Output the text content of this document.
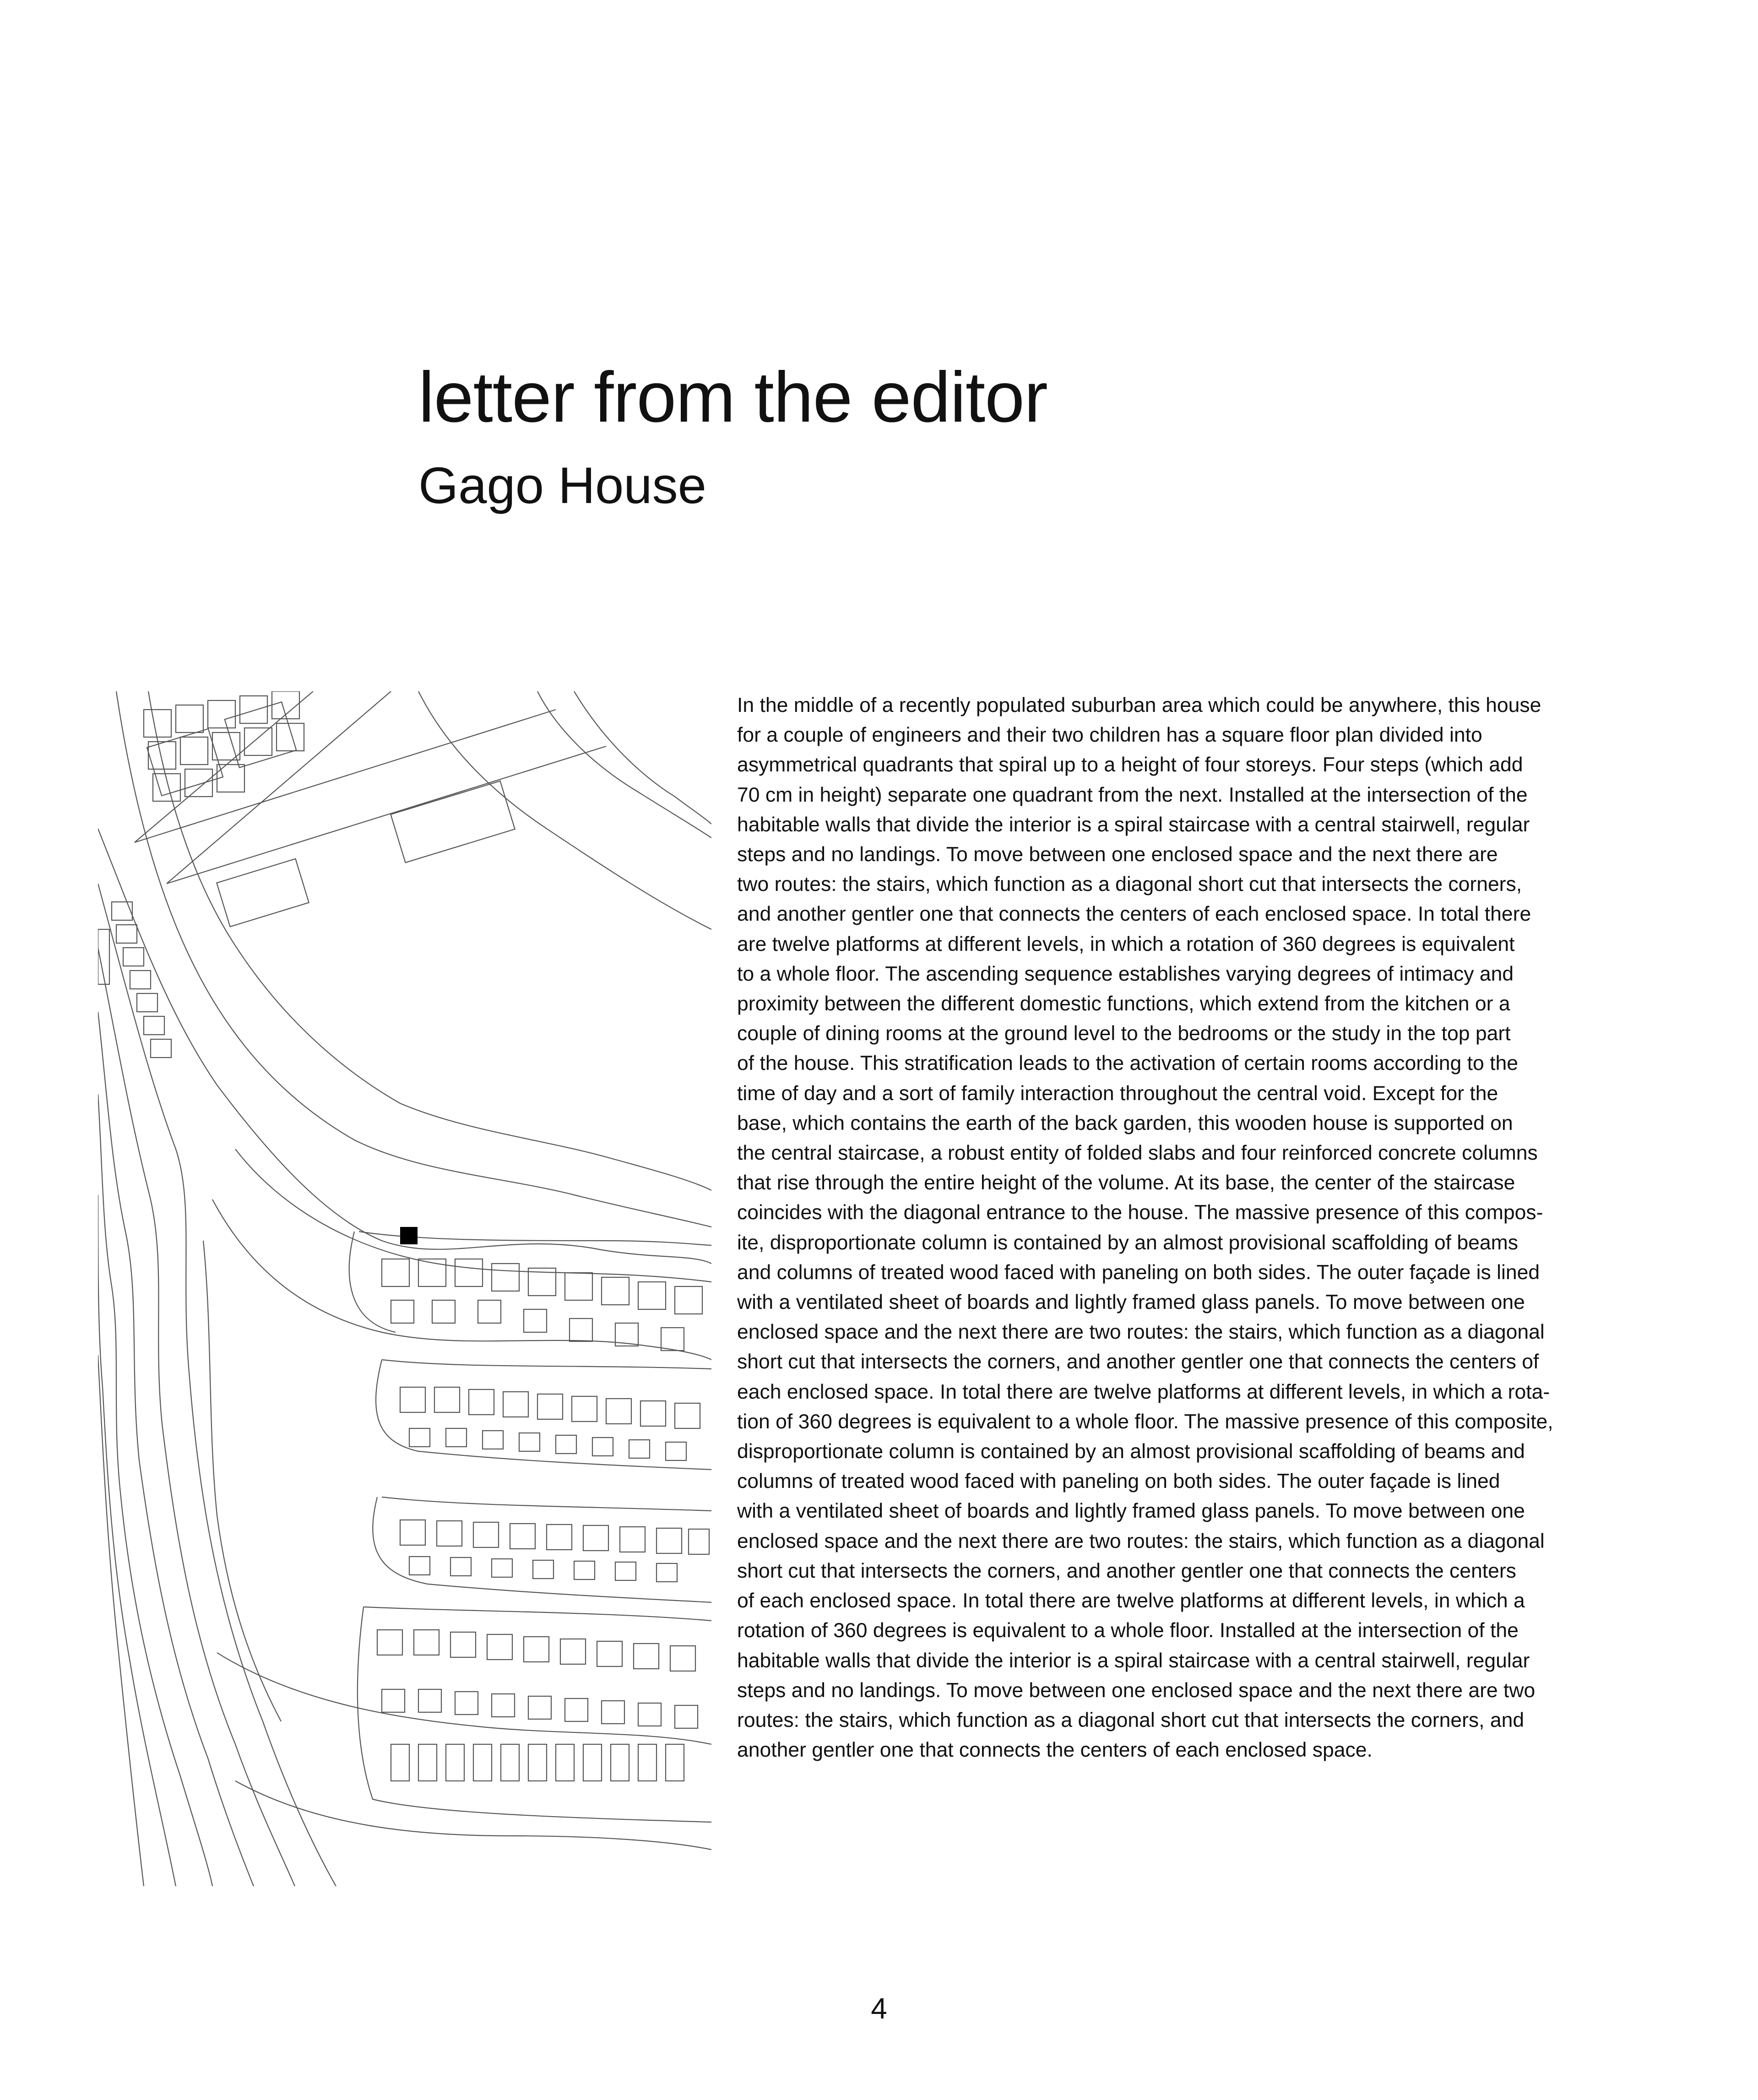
letter from the editor
Gago House
In the middle of a recently populated suburban area which could be anywhere, this house
for a couple of engineers and their two children has a square floor plan divided into
asymmetrical quadrants that spiral up to a height of four storeys. Four steps (which add
70 cm in height) separate one quadrant from the next. Installed at the intersection of the
habitable walls that divide the interior is a spiral staircase with a central stairwell, regular
steps and no landings. To move between one enclosed space and the next there are
two routes: the stairs, which function as a diagonal short cut that intersects the corners,
and another gentler one that connects the centers of each enclosed space. In total there
are twelve platforms at different levels, in which a rotation of 360 degrees is equivalent
to a whole floor. The ascending sequence establishes varying degrees of intimacy and
proximity between the different domestic functions, which extend from the kitchen or a
couple of dining rooms at the ground level to the bedrooms or the study in the top part
of the house. This stratification leads to the activation of certain rooms according to the
time of day and a sort of family interaction throughout the central void. Except for the
base, which contains the earth of the back garden, this wooden house is supported on
the central staircase, a robust entity of folded slabs and four reinforced concrete columns
that rise through the entire height of the volume. At its base, the center of the staircase
coincides with the diagonal entrance to the house. The massive presence of this compos-
ite, disproportionate column is contained by an almost provisional scaffolding of beams
and columns of treated wood faced with paneling on both sides. The outer façade is lined
with a ventilated sheet of boards and lightly framed glass panels. To move between one
enclosed space and the next there are two routes: the stairs, which function as a diagonal
short cut that intersects the corners, and another gentler one that connects the centers of
each enclosed space. In total there are twelve platforms at different levels, in which a rota-
tion of 360 degrees is equivalent to a whole floor. The massive presence of this composite,
disproportionate column is contained by an almost provisional scaffolding of beams and
columns of treated wood faced with paneling on both sides. The outer façade is lined
with a ventilated sheet of boards and lightly framed glass panels. To move between one
enclosed space and the next there are two routes: the stairs, which function as a diagonal
short cut that intersects the corners, and another gentler one that connects the centers
of each enclosed space. In total there are twelve platforms at different levels, in which a
rotation of 360 degrees is equivalent to a whole floor. Installed at the intersection of the
habitable walls that divide the interior is a spiral staircase with a central stairwell, regular
steps and no landings. To move between one enclosed space and the next there are two
routes: the stairs, which function as a diagonal short cut that intersects the corners, and
another gentler one that connects the centers of each enclosed space.
4
